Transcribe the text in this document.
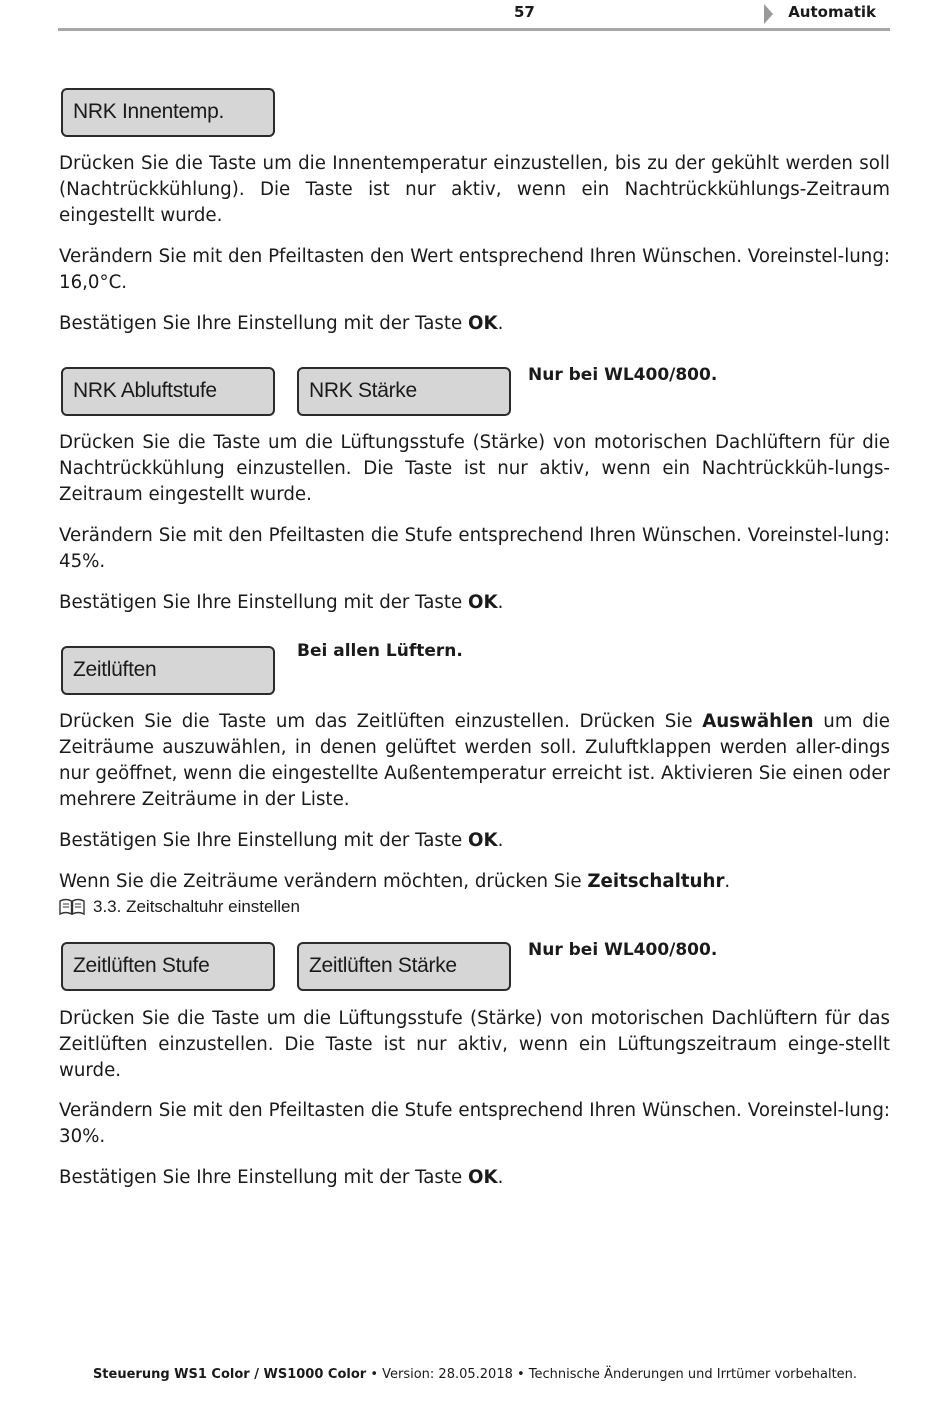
57	Automatik
NRK Innentemp.

Drücken Sie die Taste um die Innentemperatur einzustellen, bis zu der gekühlt werden soll (Nachtrückkühlung). Die Taste ist nur aktiv, wenn ein Nachtrückkühlungs-Zeitraum eingestellt wurde.

Verändern Sie mit den Pfeiltasten den Wert entsprechend Ihren Wünschen. Voreinstel-lung: 16,0°C.

Bestätigen Sie Ihre Einstellung mit der Taste OK.

NRK Abluftstufe	NRK Stärke
Nur bei WL400/800.

Drücken Sie die Taste um die Lüftungsstufe (Stärke) von motorischen Dachlüftern für die Nachtrückkühlung einzustellen. Die Taste ist nur aktiv, wenn ein Nachtrückküh-lungs-Zeitraum eingestellt wurde.

Verändern Sie mit den Pfeiltasten die Stufe entsprechend Ihren Wünschen. Voreinstel-lung: 45%.

Bestätigen Sie Ihre Einstellung mit der Taste OK.

Zeitlüften
Bei allen Lüftern.

Drücken Sie die Taste um das Zeitlüften einzustellen. Drücken Sie Auswählen um die Zeiträume auszuwählen, in denen gelüftet werden soll. Zuluftklappen werden aller-dings nur geöffnet, wenn die eingestellte Außentemperatur erreicht ist. Aktivieren Sie einen oder mehrere Zeiträume in der Liste.

Bestätigen Sie Ihre Einstellung mit der Taste OK.

Wenn Sie die Zeiträume verändern möchten, drücken Sie Zeitschaltuhr.

3.3. Zeitschaltuhr einstellen
Zeitlüften Stufe	Zeitlüften Stärke
Nur bei WL400/800.

Drücken Sie die Taste um die Lüftungsstufe (Stärke) von motorischen Dachlüftern für das Zeitlüften einzustellen. Die Taste ist nur aktiv, wenn ein Lüftungszeitraum einge-stellt wurde.

Verändern Sie mit den Pfeiltasten die Stufe entsprechend Ihren Wünschen. Voreinstel-lung: 30%.

Bestätigen Sie Ihre Einstellung mit der Taste OK.

Steuerung WS1 Color / WS1000 Color • Version: 28.05.2018 • Technische Änderungen und Irrtümer vorbehalten.
